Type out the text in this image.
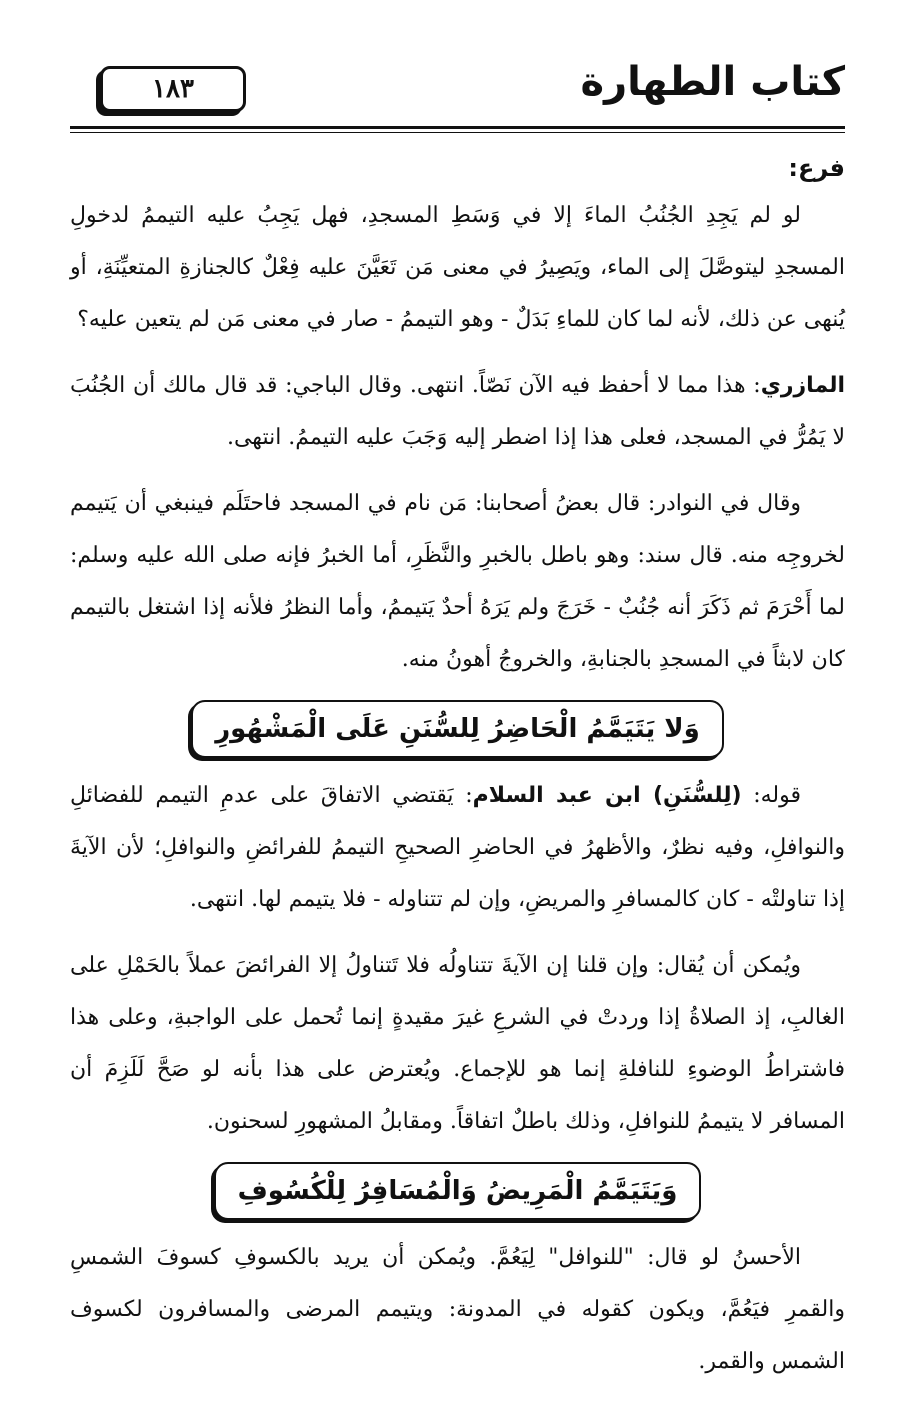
كتاب الطهارة
١٨٣

فرع:

لو لم يَجِدِ الجُنُبُ الماءَ إلا في وَسَطِ المسجدِ، فهل يَجِبُ عليه التيممُ لدخولِ المسجدِ ليتوصَّلَ إلى الماء، ويَصِيرُ في معنى مَن تَعَيَّنَ عليه فِعْلٌ كالجنازةِ المتعيِّنَةِ، أو يُنهى عن ذلك، لأنه لما كان للماءِ بَدَلٌ - وهو التيممُ - صار في معنى مَن لم يتعين عليه؟

المازري: هذا مما لا أحفظ فيه الآن نَصّاً. انتهى. وقال الباجي: قد قال مالك أن الجُنُبَ لا يَمُرُّ في المسجد، فعلى هذا إذا اضطر إليه وَجَبَ عليه التيممُ. انتهى.

وقال في النوادر: قال بعضُ أصحابنا: مَن نام في المسجد فاحتَلَم فينبغي أن يَتيمم لخروجِه منه. قال سند: وهو باطل بالخبرِ والنَّظَرِ، أما الخبرُ فإنه صلى الله عليه وسلم: لما أَحْرَمَ ثم ذَكَرَ أنه جُنُبٌ - خَرَجَ ولم يَرَهُ أحدٌ يَتيممُ، وأما النظرُ فلأنه إذا اشتغل بالتيمم كان لابثاً في المسجدِ بالجنابةِ، والخروجُ أهونُ منه.

وَلا يَتَيَمَّمُ الْحَاضِرُ لِلسُّنَنِ عَلَى الْمَشْهُورِ

قوله: (لِلسُّنَنِ) ابن عبد السلام: يَقتضي الاتفاقَ على عدمِ التيمم للفضائلِ والنوافلِ، وفيه نظرٌ، والأظهرُ في الحاضرِ الصحيحِ التيممُ للفرائضِ والنوافلِ؛ لأن الآيةَ إذا تناولتْه - كان كالمسافرِ والمريضِ، وإن لم تتناوله - فلا يتيمم لها. انتهى.

ويُمكن أن يُقال: وإن قلنا إن الآيةَ تتناولُه فلا تَتناولُ إلا الفرائضَ عملاً بالحَمْلِ على الغالبِ، إذ الصلاةُ إذا وردتْ في الشرعِ غيرَ مقيدةٍ إنما تُحمل على الواجبةِ، وعلى هذا فاشتراطُ الوضوءِ للنافلةِ إنما هو للإجماع. ويُعترض على هذا بأنه لو صَحَّ لَلَزِمَ أن المسافر لا يتيممُ للنوافلِ، وذلك باطلٌ اتفاقاً. ومقابلُ المشهورِ لسحنون.

وَيَتَيَمَّمُ الْمَرِيضُ وَالْمُسَافِرُ لِلْكُسُوفِ

الأحسنُ لو قال: "للنوافل" لِيَعُمَّ. ويُمكن أن يريد بالكسوفِ كسوفَ الشمسِ والقمرِ فيَعُمَّ، ويكون كقوله في المدونة: ويتيمم المرضى والمسافرون لكسوف الشمس والقمر.
